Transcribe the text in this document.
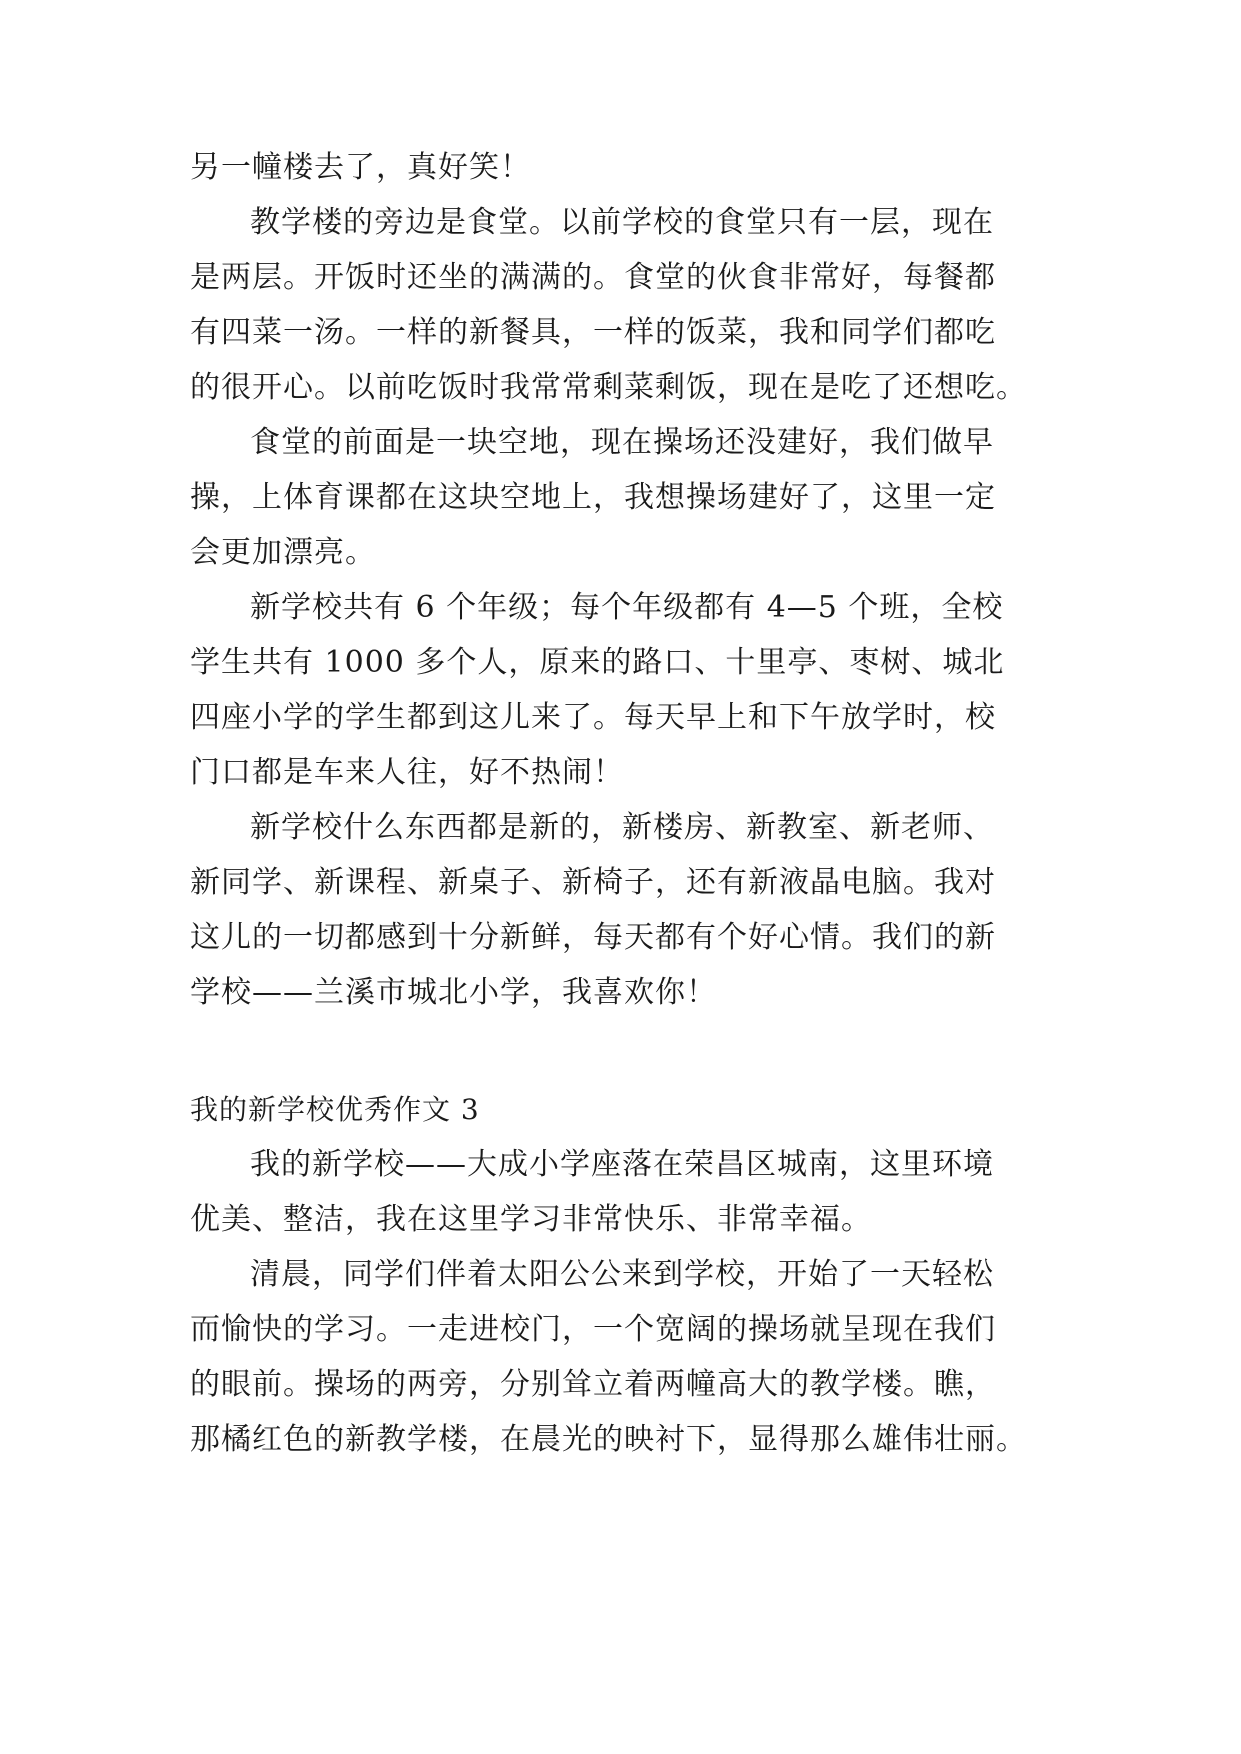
另一幢楼去了，真好笑！
教学楼的旁边是食堂。以前学校的食堂只有一层，现在
是两层。开饭时还坐的满满的。食堂的伙食非常好，每餐都
有四菜一汤。一样的新餐具，一样的饭菜，我和同学们都吃
的很开心。以前吃饭时我常常剩菜剩饭，现在是吃了还想吃。
食堂的前面是一块空地，现在操场还没建好，我们做早
操，上体育课都在这块空地上，我想操场建好了，这里一定
会更加漂亮。
新学校共有 6 个年级；每个年级都有 4—5 个班，全校
学生共有 1000 多个人，原来的路口、十里亭、枣树、城北
四座小学的学生都到这儿来了。每天早上和下午放学时，校
门口都是车来人往，好不热闹！
新学校什么东西都是新的，新楼房、新教室、新老师、
新同学、新课程、新桌子、新椅子，还有新液晶电脑。我对
这儿的一切都感到十分新鲜，每天都有个好心情。我们的新
学校——兰溪市城北小学，我喜欢你！
我的新学校优秀作文 3
我的新学校——大成小学座落在荣昌区城南，这里环境
优美、整洁，我在这里学习非常快乐、非常幸福。
清晨，同学们伴着太阳公公来到学校，开始了一天轻松
而愉快的学习。一走进校门，一个宽阔的操场就呈现在我们
的眼前。操场的两旁，分别耸立着两幢高大的教学楼。瞧，
那橘红色的新教学楼，在晨光的映衬下，显得那么雄伟壮丽。
